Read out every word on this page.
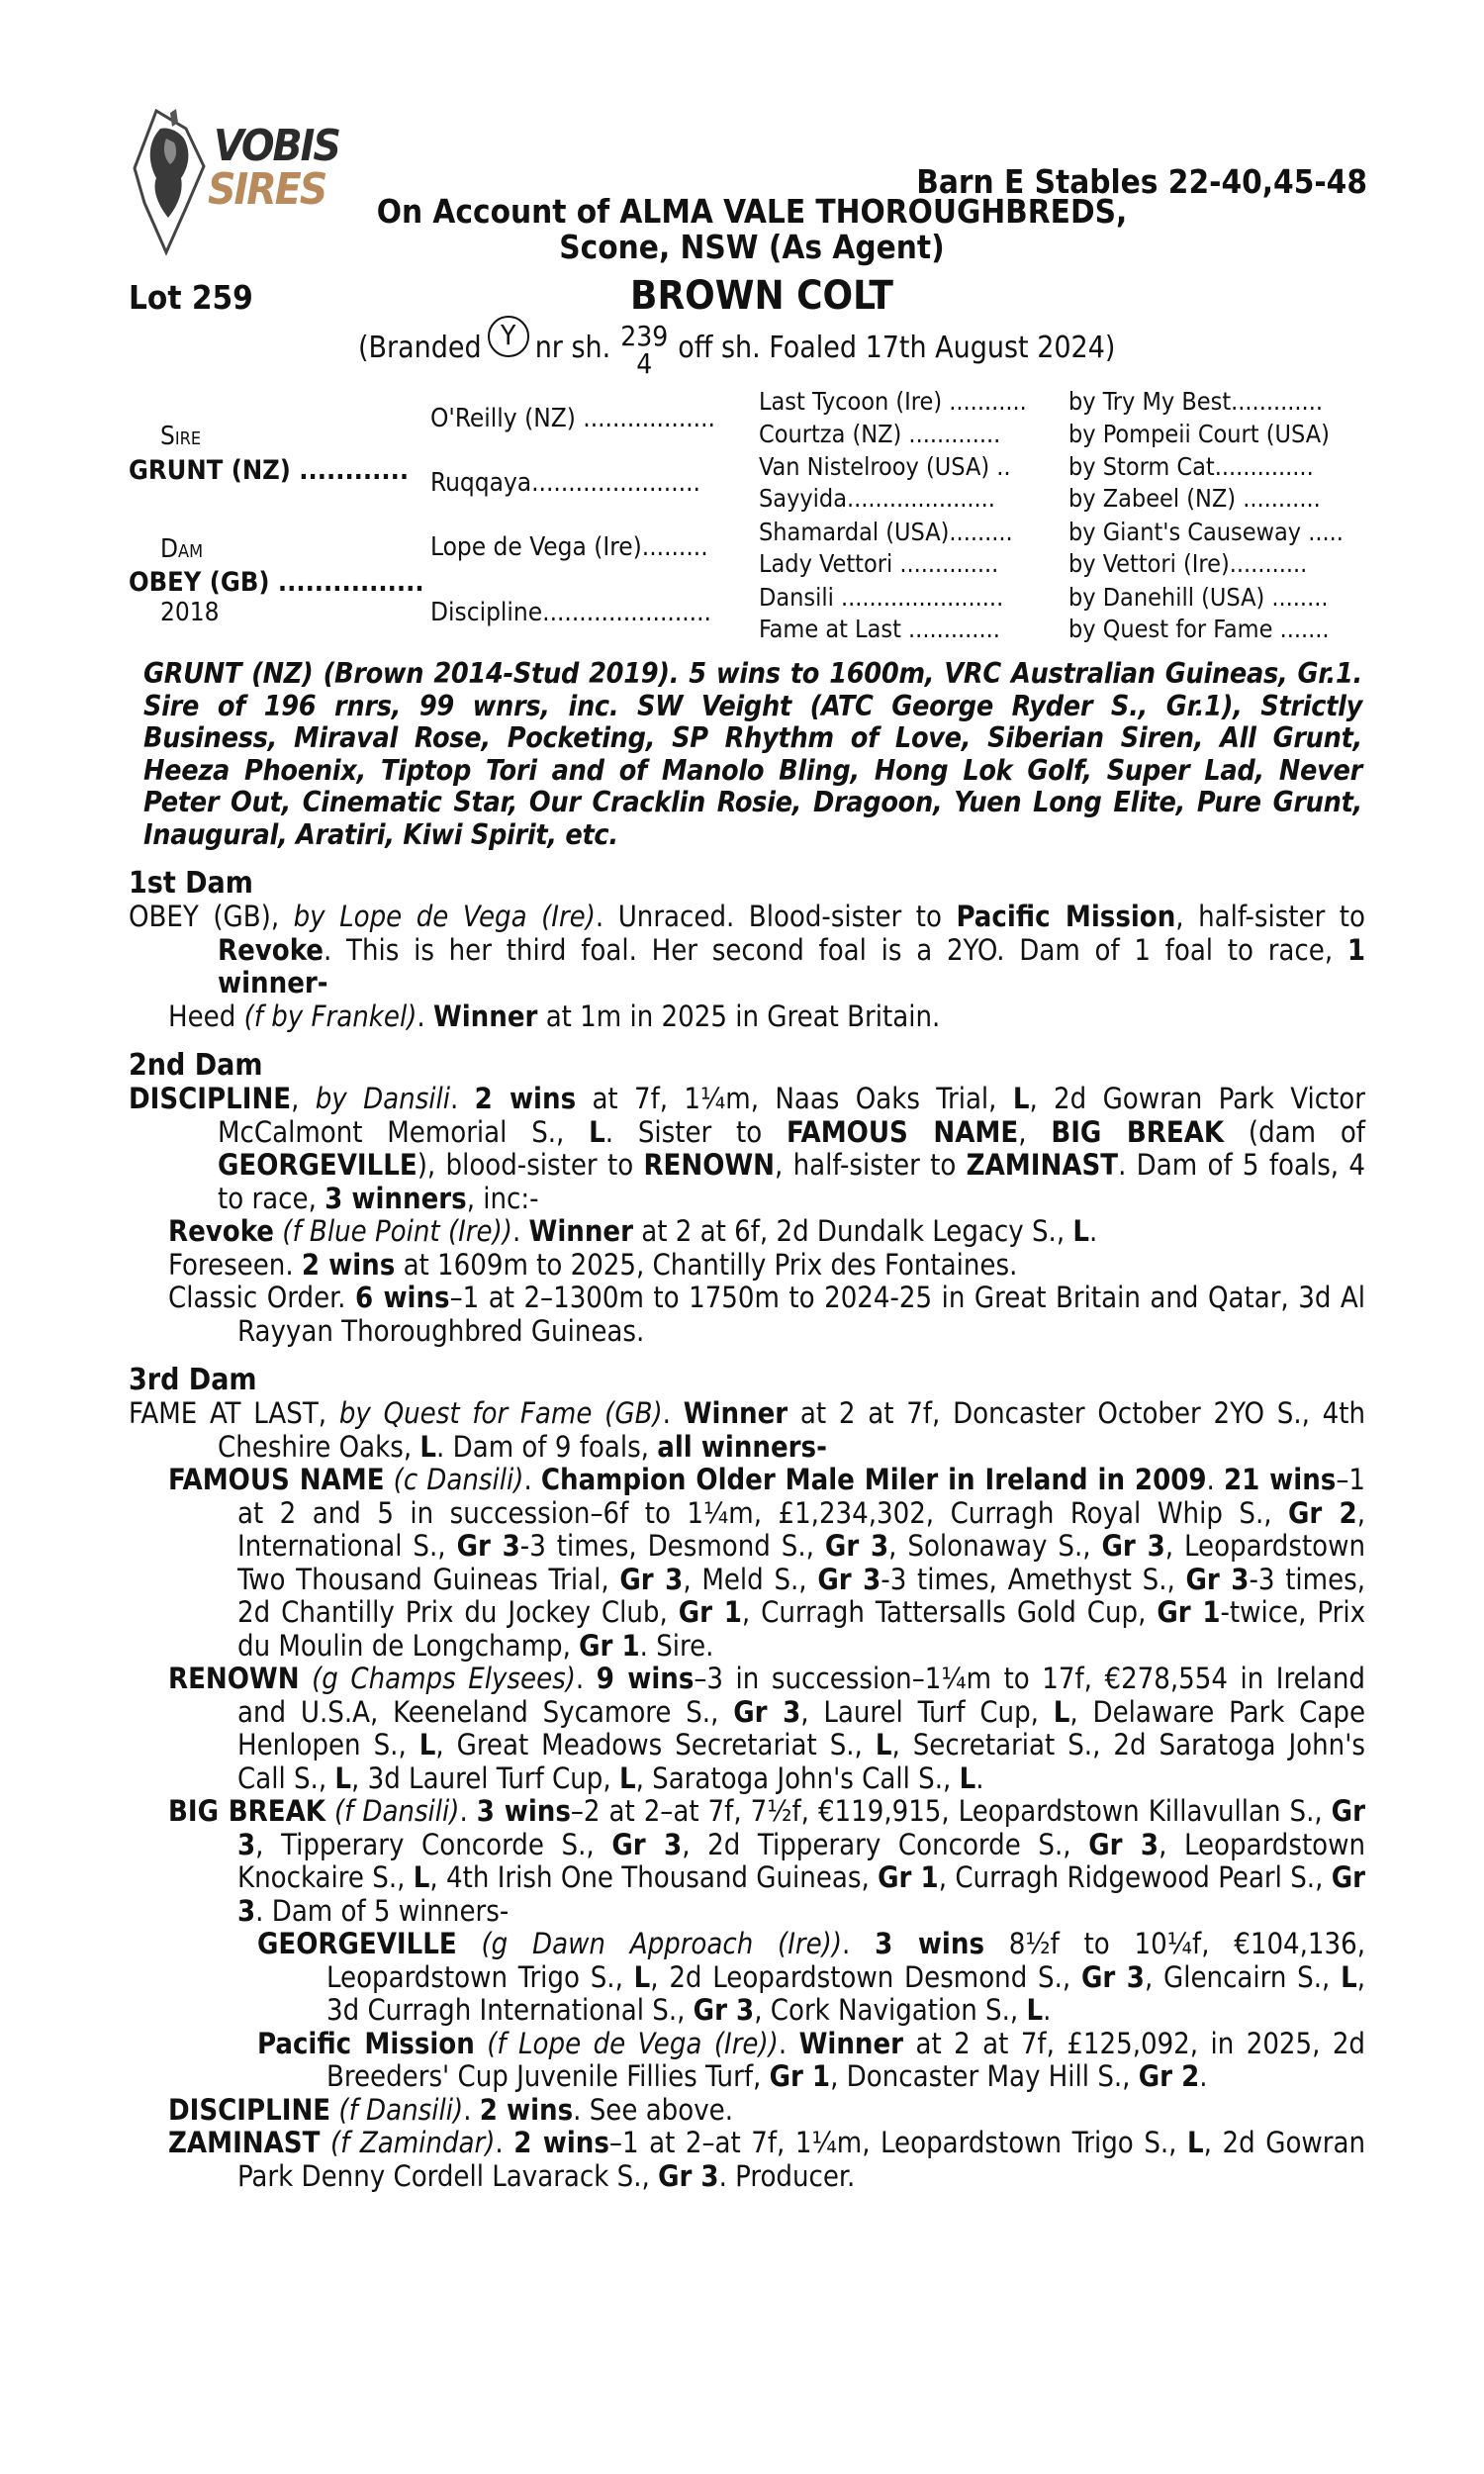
VOBIS
SIRES	Barn E Stables 22-40,45-48
On Account of ALMA VALE THOROUGHBREDS,
Scone, NSW (As Agent)
Lot 259	BROWN COLT
(Branded Y nr sh. 239
4 off sh. Foaled 17th August 2024)
Sire
GRUNT (NZ) ............
Dam
OBEY (GB) ................
2018
O'Reilly (NZ) ..................
Ruqqaya.......................
Lope de Vega (Ire).........
Discipline.......................
Last Tycoon (Ire) ........... by Try My Best.............
Courtza (NZ) .............	by Pompeii Court (USA)
Van Nistelrooy (USA) .. by Storm Cat..............
Sayyida.....................	by Zabeel (NZ) ...........
Shamardal (USA)......... by Giant's Causeway .....
Lady Vettori ..............	by Vettori (Ire)...........
Dansili .......................	by Danehill (USA) ........
Fame at Last .............	by Quest for Fame .......
GRUNT (NZ) (Brown 2014-Stud 2019). 5 wins to 1600m, VRC Australian Guineas, Gr.1. Sire of 196 rnrs, 99 wnrs, inc. SW Veight (ATC George Ryder S., Gr.1), Strictly Business, Miraval Rose, Pocketing, SP Rhythm of Love, Siberian Siren, All Grunt, Heeza Phoenix, Tiptop Tori and of Manolo Bling, Hong Lok Golf, Super Lad, Never Peter Out, Cinematic Star, Our Cracklin Rosie, Dragoon, Yuen Long Elite, Pure Grunt, Inaugural, Aratiri, Kiwi Spirit, etc.
1st Dam
OBEY (GB), by Lope de Vega (Ire). Unraced. Blood-sister to Pacific Mission, half-sister to Revoke. This is her third foal. Her second foal is a 2YO. Dam of 1 foal to race, 1 winner-
Heed (f by Frankel). Winner at 1m in 2025 in Great Britain.
2nd Dam
DISCIPLINE, by Dansili. 2 wins at 7f, 1¼m, Naas Oaks Trial, L, 2d Gowran Park Victor McCalmont Memorial S., L. Sister to FAMOUS NAME, BIG BREAK (dam of GEORGEVILLE), blood-sister to RENOWN, half-sister to ZAMINAST. Dam of 5 foals, 4 to race, 3 winners, inc:-
Revoke (f Blue Point (Ire)). Winner at 2 at 6f, 2d Dundalk Legacy S., L.
Foreseen. 2 wins at 1609m to 2025, Chantilly Prix des Fontaines.
Classic Order. 6 wins–1 at 2–1300m to 1750m to 2024-25 in Great Britain and Qatar, 3d Al Rayyan Thoroughbred Guineas.
3rd Dam
FAME AT LAST, by Quest for Fame (GB). Winner at 2 at 7f, Doncaster October 2YO S., 4th Cheshire Oaks, L. Dam of 9 foals, all winners-
FAMOUS NAME (c Dansili). Champion Older Male Miler in Ireland in 2009. 21 wins–1 at 2 and 5 in succession–6f to 1¼m, £1,234,302, Curragh Royal Whip S., Gr 2, International S., Gr 3-3 times, Desmond S., Gr 3, Solonaway S., Gr 3, Leopardstown Two Thousand Guineas Trial, Gr 3, Meld S., Gr 3-3 times, Amethyst S., Gr 3-3 times, 2d Chantilly Prix du Jockey Club, Gr 1, Curragh Tattersalls Gold Cup, Gr 1-twice, Prix du Moulin de Longchamp, Gr 1. Sire.
RENOWN (g Champs Elysees). 9 wins–3 in succession–1¼m to 17f, €278,554 in Ireland and U.S.A, Keeneland Sycamore S., Gr 3, Laurel Turf Cup, L, Delaware Park Cape Henlopen S., L, Great Meadows Secretariat S., L, Secretariat S., 2d Saratoga John's Call S., L, 3d Laurel Turf Cup, L, Saratoga John's Call S., L.
BIG BREAK (f Dansili). 3 wins–2 at 2–at 7f, 7½f, €119,915, Leopardstown Killavullan S., Gr 3, Tipperary Concorde S., Gr 3, 2d Tipperary Concorde S., Gr 3, Leopardstown Knockaire S., L, 4th Irish One Thousand Guineas, Gr 1, Curragh Ridgewood Pearl S., Gr 3. Dam of 5 winners-
GEORGEVILLE (g Dawn Approach (Ire)). 3 wins 8½f to 10¼f, €104,136, Leopardstown Trigo S., L, 2d Leopardstown Desmond S., Gr 3, Glencairn S., L, 3d Curragh International S., Gr 3, Cork Navigation S., L.
Pacific Mission (f Lope de Vega (Ire)). Winner at 2 at 7f, £125,092, in 2025, 2d Breeders' Cup Juvenile Fillies Turf, Gr 1, Doncaster May Hill S., Gr 2.
DISCIPLINE (f Dansili). 2 wins. See above.
ZAMINAST (f Zamindar). 2 wins–1 at 2–at 7f, 1¼m, Leopardstown Trigo S., L, 2d Gowran Park Denny Cordell Lavarack S., Gr 3. Producer.
